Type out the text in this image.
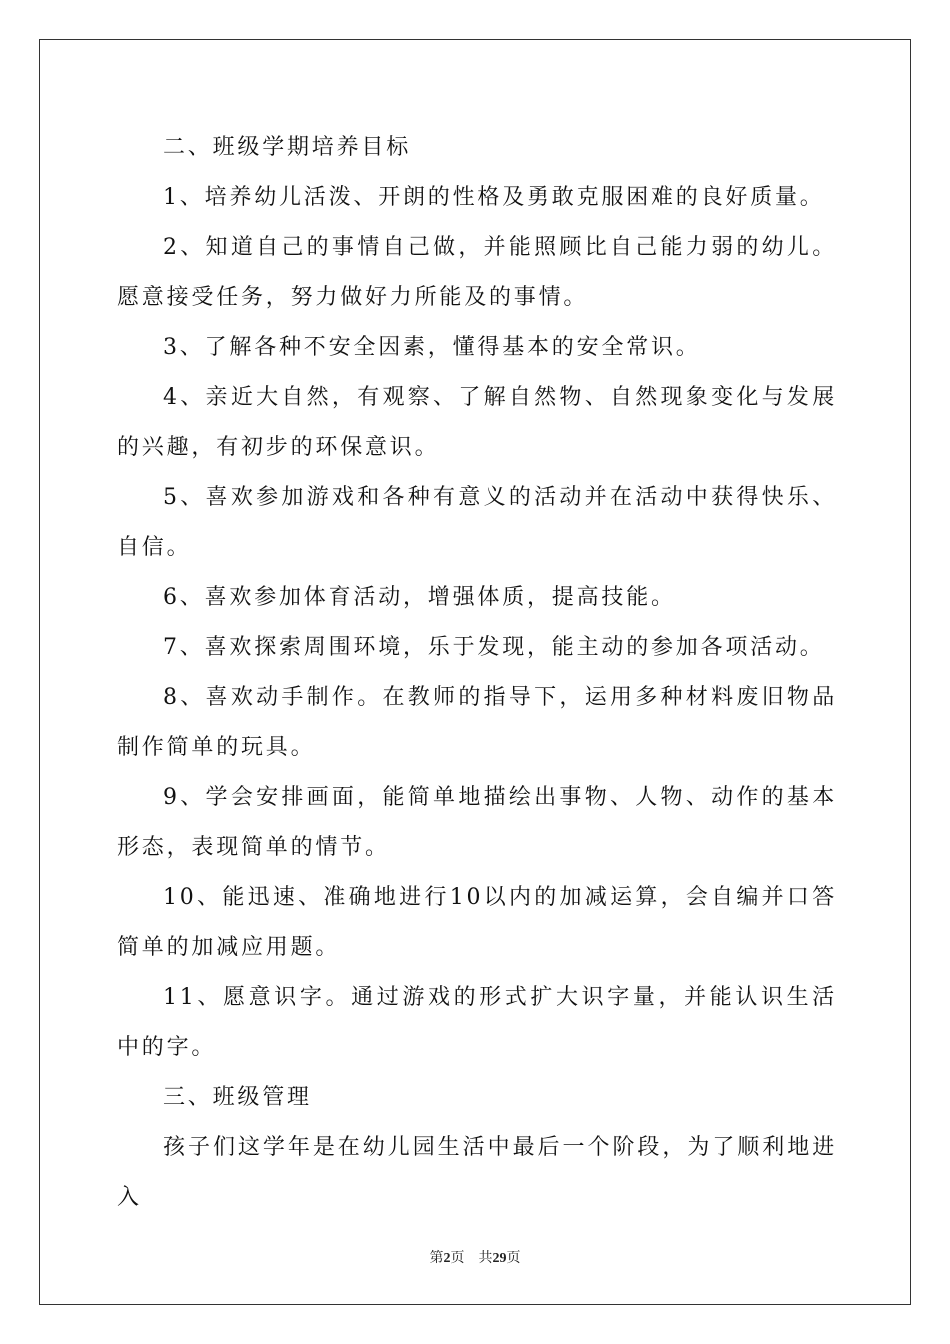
二、班级学期培养目标

1、培养幼儿活泼、开朗的性格及勇敢克服困难的良好质量。

2、知道自己的事情自己做，并能照顾比自己能力弱的幼儿。愿意接受任务，努力做好力所能及的事情。

3、了解各种不安全因素，懂得基本的安全常识。

4、亲近大自然，有观察、了解自然物、自然现象变化与发展的兴趣，有初步的环保意识。

5、喜欢参加游戏和各种有意义的活动并在活动中获得快乐、自信。

6、喜欢参加体育活动，增强体质，提高技能。

7、喜欢探索周围环境，乐于发现，能主动的参加各项活动。

8、喜欢动手制作。在教师的指导下，运用多种材料废旧物品制作简单的玩具。

9、学会安排画面，能简单地描绘出事物、人物、动作的基本形态，表现简单的情节。

10、能迅速、准确地进行10以内的加减运算，会自编并口答简单的加减应用题。

11、愿意识字。通过游戏的形式扩大识字量，并能认识生活中的字。

三、班级管理

孩子们这学年是在幼儿园生活中最后一个阶段，为了顺利地进入

第2页 共29页
